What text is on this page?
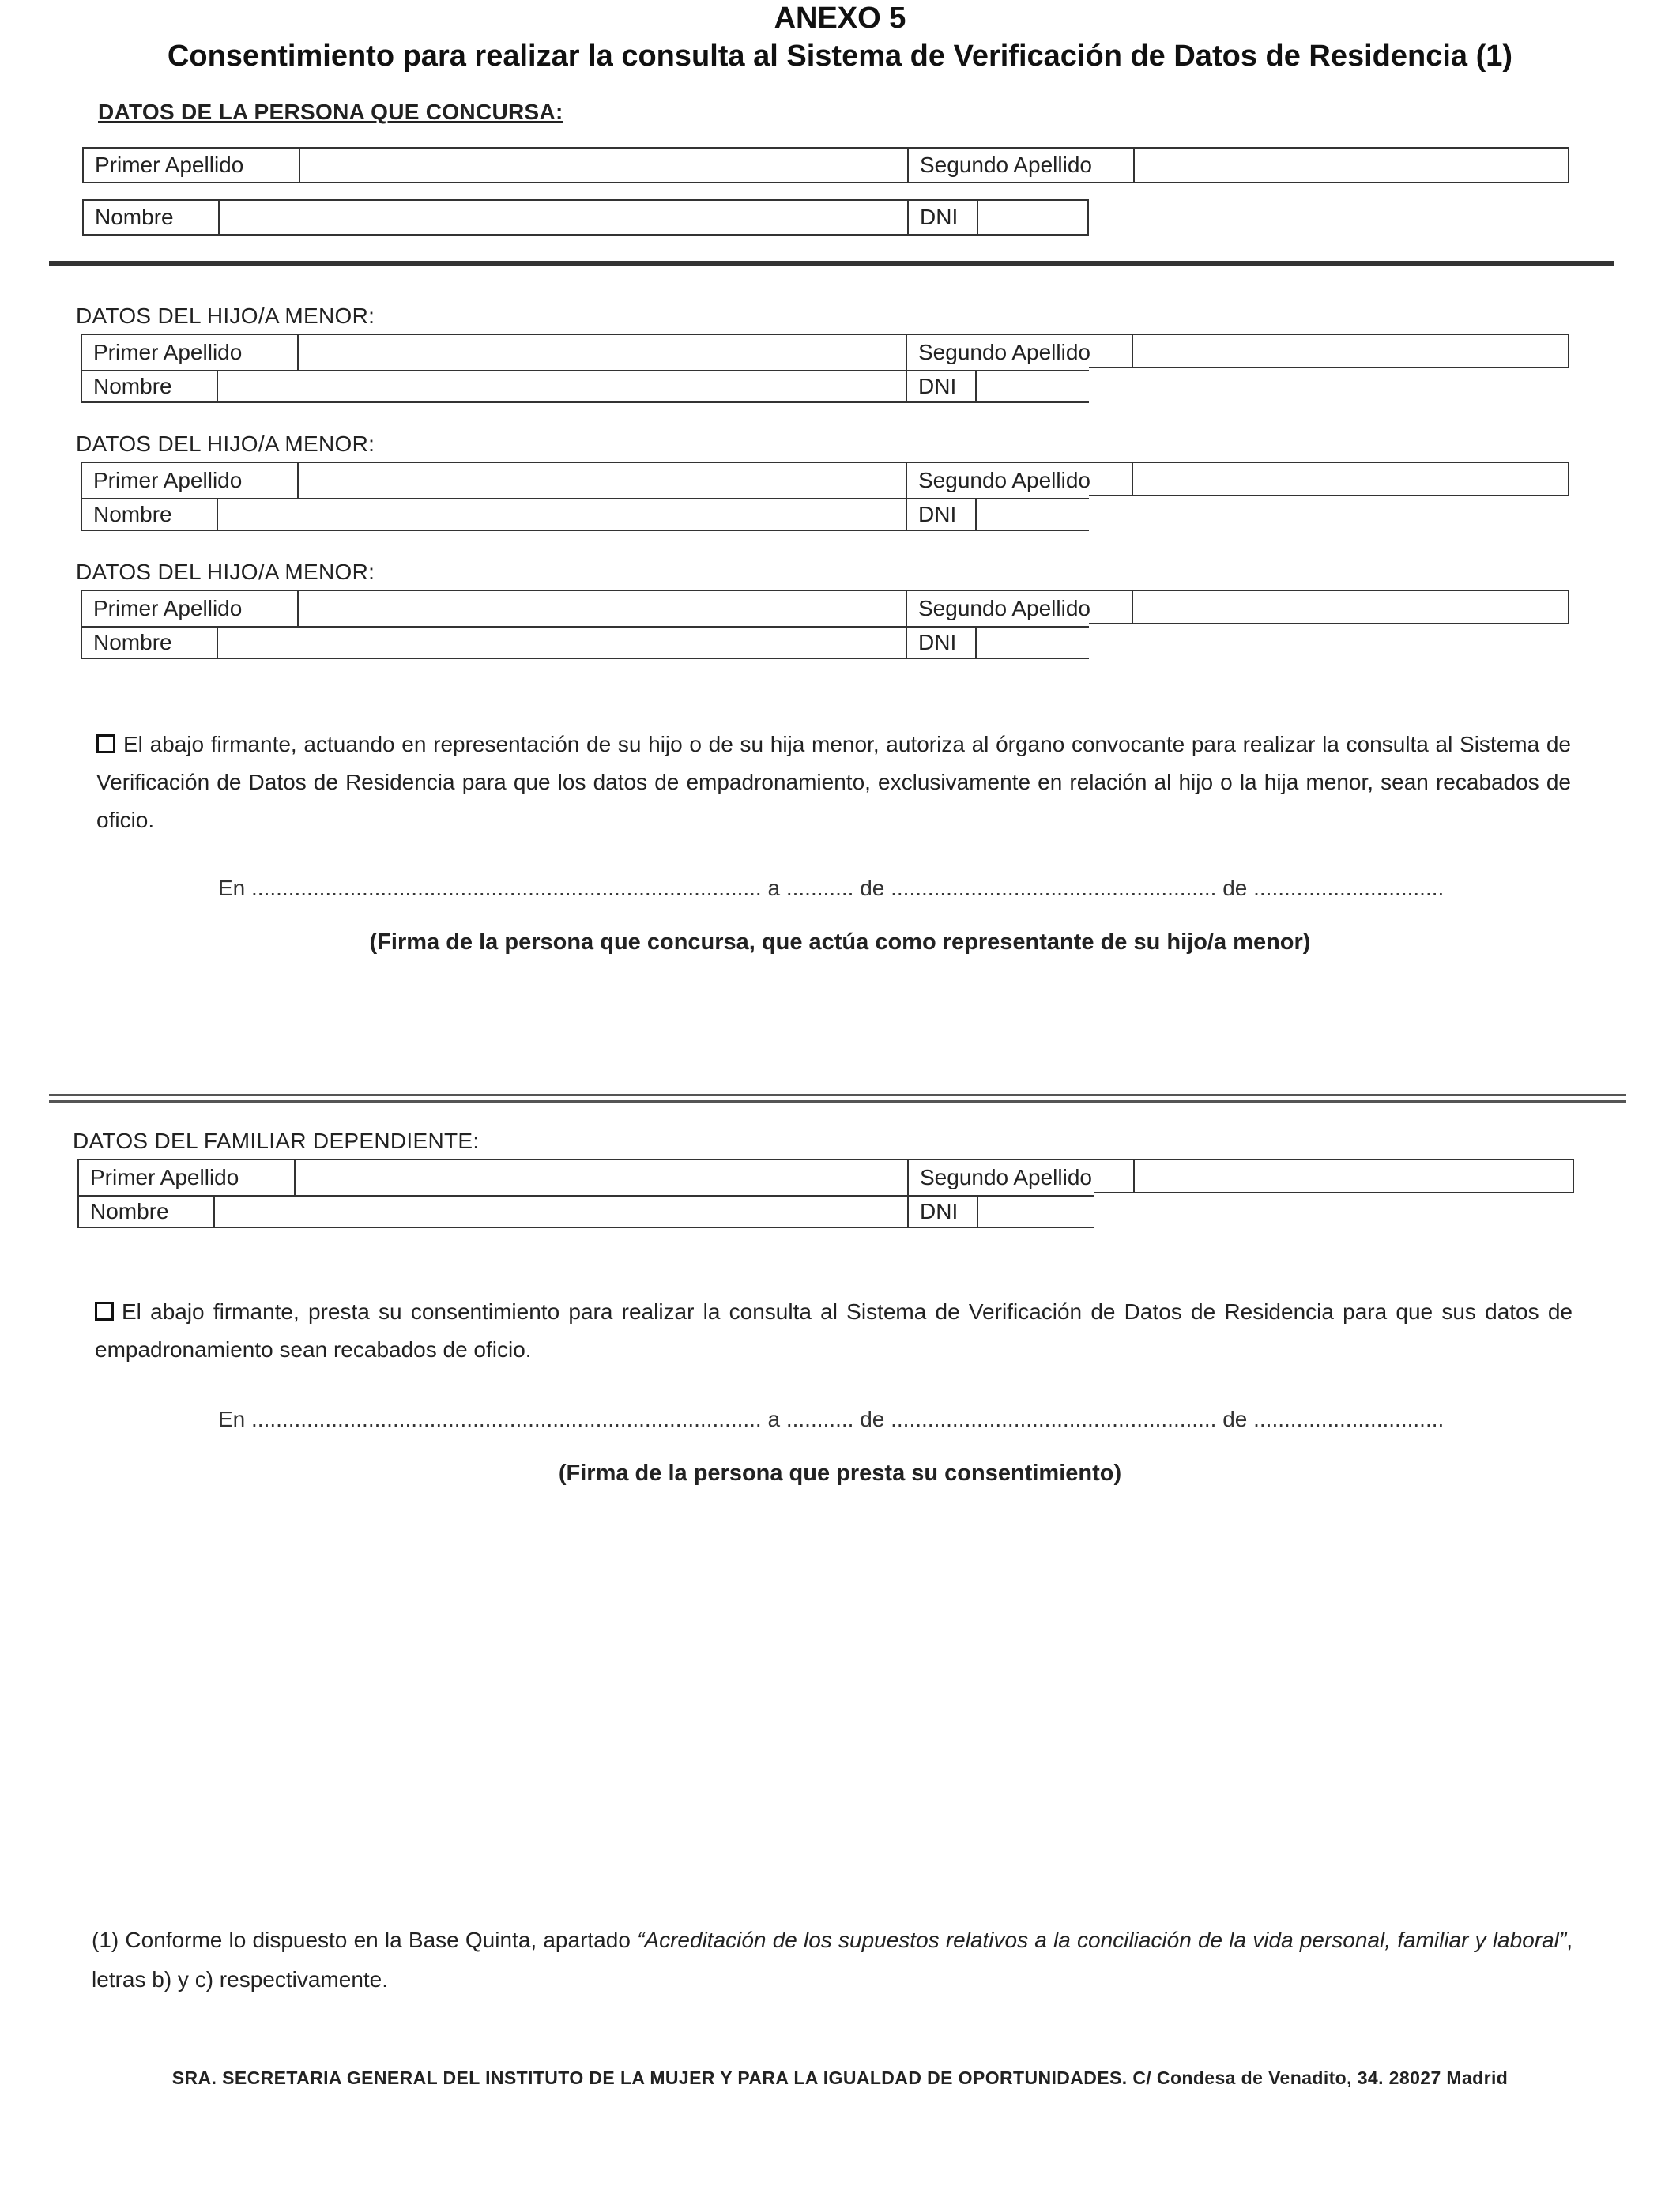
ANEXO 5
Consentimiento para realizar la consulta al Sistema de Verificación de Datos de Residencia (1)
DATOS DE LA PERSONA QUE CONCURSA:
Primer Apellido	Segundo Apellido
Nombre	DNI
DATOS DEL HIJO/A MENOR:
Primer Apellido	Segundo Apellido
Nombre	DNI
DATOS DEL HIJO/A MENOR:
Primer Apellido	Segundo Apellido
Nombre	DNI
DATOS DEL HIJO/A MENOR:
Primer Apellido	Segundo Apellido
Nombre	DNI
El abajo firmante, actuando en representación de su hijo o de su hija menor, autoriza al órgano convocante para realizar la consulta al Sistema de Verificación de Datos de Residencia para que los datos de empadronamiento, exclusivamente en relación al hijo o la hija menor, sean recabados de oficio.
En ................................................................................... a ........... de ..................................................... de ...............................
(Firma de la persona que concursa, que actúa como representante de su hijo/a menor)
DATOS DEL FAMILIAR DEPENDIENTE:
Primer Apellido	Segundo Apellido
Nombre	DNI
El abajo firmante, presta su consentimiento para realizar la consulta al Sistema de Verificación de Datos de Residencia para que sus datos de empadronamiento sean recabados de oficio.
En ................................................................................... a ........... de ..................................................... de ...............................
(Firma de la persona que presta su consentimiento)
(1) Conforme lo dispuesto en la Base Quinta, apartado “Acreditación de los supuestos relativos a la conciliación de la vida personal, familiar y laboral”, letras b) y c) respectivamente.
SRA. SECRETARIA GENERAL DEL INSTITUTO DE LA MUJER Y PARA LA IGUALDAD DE OPORTUNIDADES. C/ Condesa de Venadito, 34. 28027 Madrid
